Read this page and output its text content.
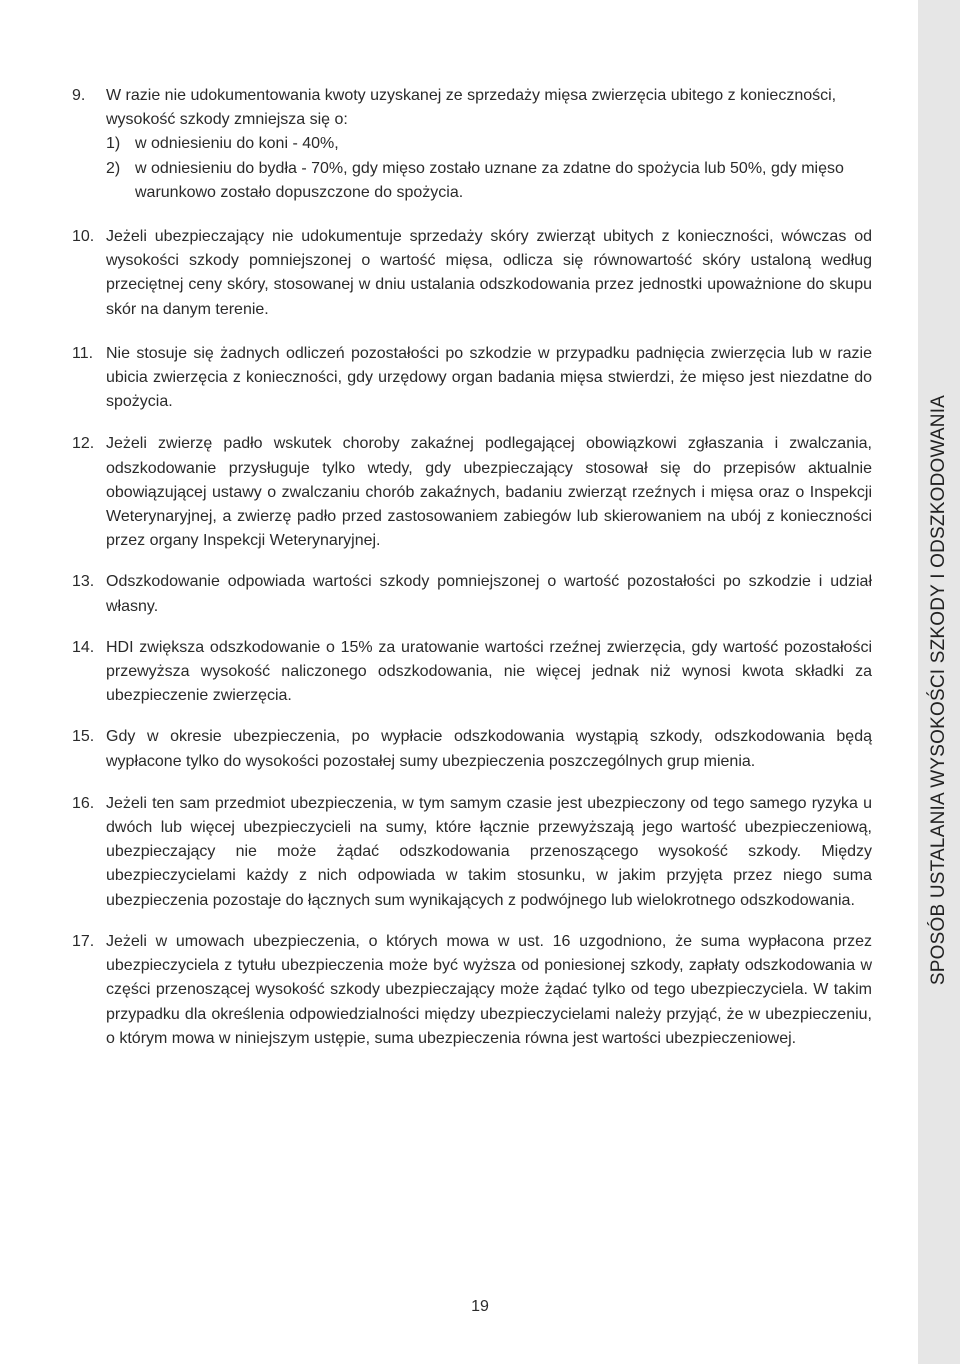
SPOSÓB USTALANIA WYSOKOŚCI SZKODY I ODSZKODOWANIA
9. W razie nie udokumentowania kwoty uzyskanej ze sprzedaży mięsa zwierzęcia ubitego z konieczności, wysokość szkody zmniejsza się o:
1) w odniesieniu do koni - 40%,
2) w odniesieniu do bydła - 70%, gdy mięso zostało uznane za zdatne do spożycia lub 50%, gdy mięso warunkowo zostało dopuszczone do spożycia.
10. Jeżeli ubezpieczający nie udokumentuje sprzedaży skóry zwierząt ubitych z konieczności, wówczas od wysokości szkody pomniejszonej o wartość mięsa, odlicza się równowartość skóry ustaloną według przeciętnej ceny skóry, stosowanej w dniu ustalania odszkodowania przez jednostki upoważnione do skupu skór na danym terenie.
11. Nie stosuje się żadnych odliczeń pozostałości po szkodzie w przypadku padnięcia zwierzęcia lub w razie ubicia zwierzęcia z konieczności, gdy urzędowy organ badania mięsa stwierdzi, że mięso jest niezdatne do spożycia.
12. Jeżeli zwierzę padło wskutek choroby zakaźnej podlegającej obowiązkowi zgłaszania i zwalczania, odszkodowanie przysługuje tylko wtedy, gdy ubezpieczający stosował się do przepisów aktualnie obowiązującej ustawy o zwalczaniu chorób zakaźnych, badaniu zwierząt rzeźnych i mięsa oraz o Inspekcji Weterynaryjnej, a zwierzę padło przed zastosowaniem zabiegów lub skierowaniem na ubój z konieczności przez organy Inspekcji Weterynaryjnej.
13. Odszkodowanie odpowiada wartości szkody pomniejszonej o wartość pozostałości po szkodzie i udział własny.
14. HDI zwiększa odszkodowanie o 15% za uratowanie wartości rzeźnej zwierzęcia, gdy wartość pozostałości przewyższa wysokość naliczonego odszkodowania, nie więcej jednak niż wynosi kwota składki za ubezpieczenie zwierzęcia.
15. Gdy w okresie ubezpieczenia, po wypłacie odszkodowania wystąpią szkody, odszkodowania będą wypłacone tylko do wysokości pozostałej sumy ubezpieczenia poszczególnych grup mienia.
16. Jeżeli ten sam przedmiot ubezpieczenia, w tym samym czasie jest ubezpieczony od tego samego ryzyka u dwóch lub więcej ubezpieczycieli na sumy, które łącznie przewyższają jego wartość ubezpieczeniową, ubezpieczający nie może żądać odszkodowania przenoszącego wysokość szkody. Między ubezpieczycielami każdy z nich odpowiada w takim stosunku, w jakim przyjęta przez niego suma ubezpieczenia pozostaje do łącznych sum wynikających z podwójnego lub wielokrotnego odszkodowania.
17. Jeżeli w umowach ubezpieczenia, o których mowa w ust. 16 uzgodniono, że suma wypłacona przez ubezpieczyciela z tytułu ubezpieczenia może być wyższa od poniesionej szkody, zapłaty odszkodowania w części przenoszącej wysokość szkody ubezpieczający może żądać tylko od tego ubezpieczyciela. W takim przypadku dla określenia odpowiedzialności między ubezpieczycielami należy przyjąć, że w ubezpieczeniu, o którym mowa w niniejszym ustępie, suma ubezpieczenia równa jest wartości ubezpieczeniowej.
19
